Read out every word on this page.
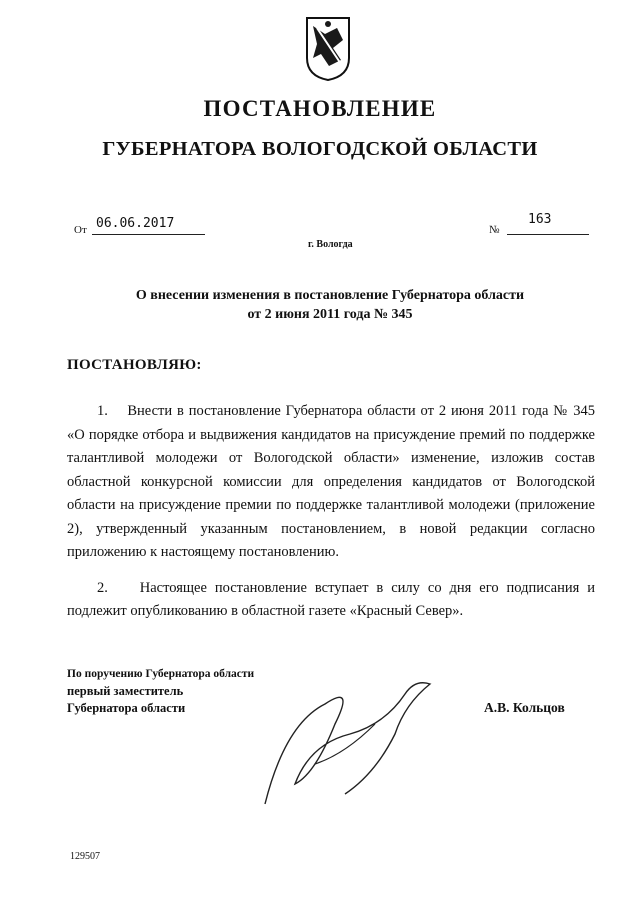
ПОСТАНОВЛЕНИЕ
ГУБЕРНАТОРА ВОЛОГОДСКОЙ ОБЛАСТИ
От 06.06.2017
г. Вологда
№
163
О внесении изменения в постановление Губернатора области
от 2 июня 2011 года № 345
ПОСТАНОВЛЯЮ:

1.    Внести в постановление Губернатора области от 2 июня 2011 года № 345 «О порядке отбора и выдвижения кандидатов на присуждение премий по поддержке талантливой молодежи от Вологодской области» изменение, изложив состав областной конкурсной комиссии для определения кандидатов от Вологодской области на присуждение премии по поддержке талантливой молодежи (приложение 2), утвержденный указанным постановлением, в новой редакции согласно приложению к настоящему постановлению.

2.    Настоящее постановление вступает в силу со дня его подписания и подлежит опубликованию в областной газете «Красный Север».

По поручению Губернатора области
первый заместитель
Губернатора области	А.В. Кольцов
129507
